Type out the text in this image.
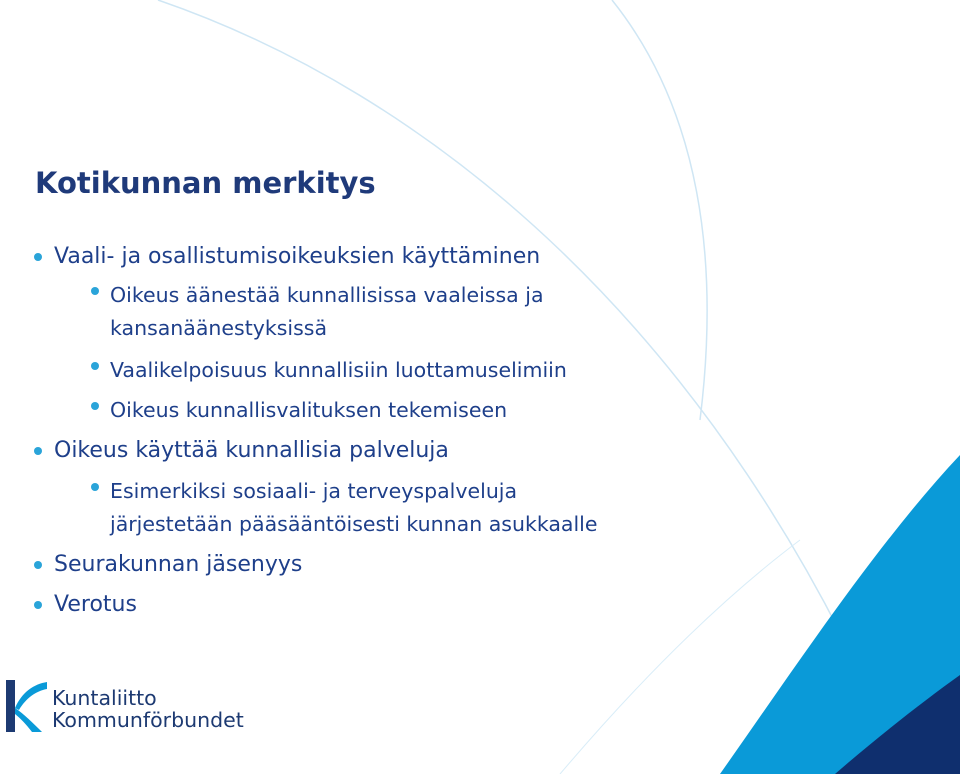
Kotikunnan merkitys
Vaali- ja osallistumisoikeuksien käyttäminen
Oikeus äänestää kunnallisissa vaaleissa ja
kansanäänestyksissä
Vaalikelpoisuus kunnallisiin luottamuselimiin
Oikeus kunnallisvalituksen tekemiseen
Oikeus käyttää kunnallisia palveluja
Esimerkiksi sosiaali- ja terveyspalveluja
järjestetään pääsääntöisesti kunnan asukkaalle
Seurakunnan jäsenyys
Verotus
Kuntaliitto
Kommunförbundet
